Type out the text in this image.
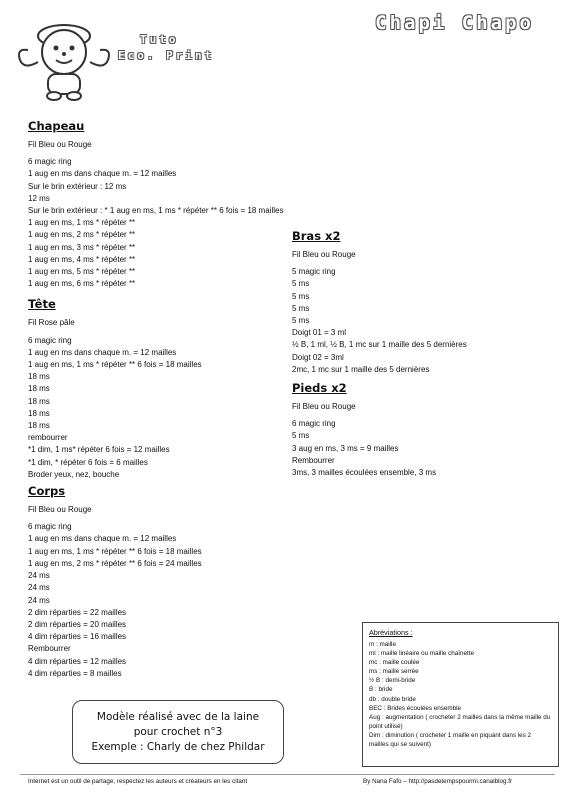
Tuto
Eco. Print
Chapi Chapo
Chapeau
Fil Bleu ou Rouge
6 magic ring
1 aug en ms dans chaque m. = 12 mailles
Sur le brin extérieur : 12 ms
12 ms
Sur le brin extérieur : * 1 aug en ms, 1 ms * répéter ** 6 fois = 18 mailles
1 aug en ms, 1 ms * répéter **
1 aug en ms, 2 ms * répéter **
1 aug en ms, 3 ms * répéter **
1 aug en ms, 4 ms * répéter **
1 aug en ms, 5 ms * répéter **
1 aug en ms, 6 ms * répéter **
Tête
Fil Rose pâle
6 magic ring
1 aug en ms dans chaque m. = 12 mailles
1 aug en ms, 1 ms * répéter ** 6 fois = 18 mailles
18 ms
18 ms
18 ms
18 ms
18 ms
rembourrer
*1 dim, 1 ms* répéter 6 fois = 12 mailles
*1 dim, * répéter 6 fois = 6 mailles
Broder yeux, nez, bouche
Corps
Fil Bleu ou Rouge
6 magic ring
1 aug en ms dans chaque m. = 12 mailles
1 aug en ms, 1 ms * répéter ** 6 fois = 18 mailles
1 aug en ms, 2 ms * répéter ** 6 fois = 24 mailles
24 ms
24 ms
24 ms
2 dim réparties = 22 mailles
2 dim réparties = 20 mailles
4 dim réparties = 16 mailles
Rembourrer
4 dim réparties = 12 mailles
4 dim réparties = 8 mailles
Bras x2
Fil Bleu ou Rouge
5 magic ring
5 ms
5 ms
5 ms
5 ms
Doigt 01 = 3 ml
½ B, 1 ml, ½ B, 1 mc sur 1 maille des 5 dernières
Doigt 02 = 3ml
2mc, 1 mc sur 1 maille des 5 dernières
Pieds x2
Fil Bleu ou Rouge
6 magic ring
5 ms
3 aug en ms, 3 ms = 9 mailles
Rembourrer
3ms, 3 mailles écoulées ensemble, 3 ms
Abréviations :
m : maille
ml : maille linéaire ou maille chaînette
mc : maille coulée
ms : maille serrée
½ B : demi-bride
B : bride
db : double bride
BEC : Brides écoulées ensemble
Aug : augmentation ( crocheter 2 mailles dans la même maille du point utilisé)
Dim : diminution ( crocheter 1 maille en piquant dans les 2 mailles qui se suivent)
Modèle réalisé avec de la laine
pour crochet n°3
Exemple : Charly de chez Phildar
Internet est un outil de partage, respectez les auteurs et créateurs en les citant	By Nana Fafo – http://pasdetempspourmi.canalblog.fr
